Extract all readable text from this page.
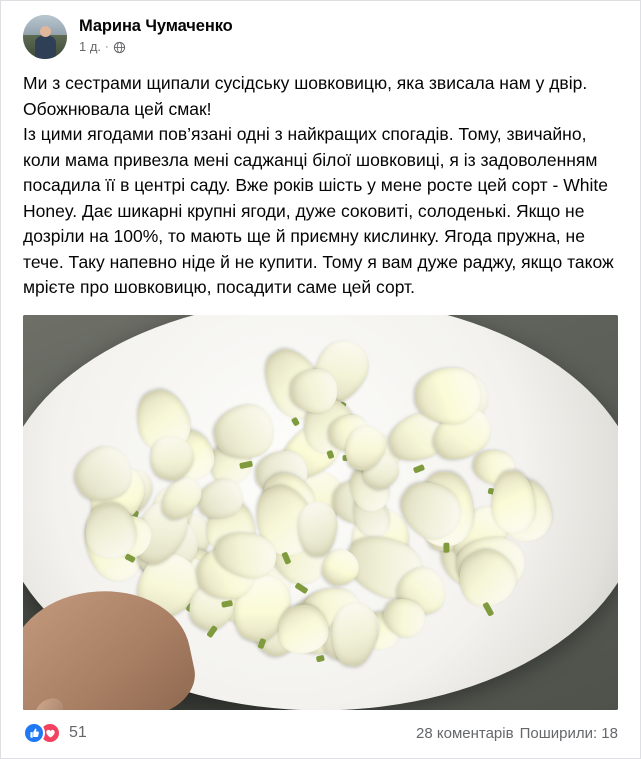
Марина Чумаченко
1 д. ·

Ми з сестрами щипали сусідську шовковицю, яка звисала нам у двір. Обожнювала цей смак!

Із цими ягодами пов’язані одні з найкращих спогадів. Тому, звичайно, коли мама привезла мені саджанці білої шовковиці, я із задоволенням посадила її в центрі саду. Вже років шість у мене росте цей сорт - White Honey. Дає шикарні крупні ягоди, дуже соковиті, солоденькі. Якщо не дозріли на 100%, то мають ще й приємну кислинку. Ягода пружна, не тече. Таку напевно ніде й не купити. Тому я вам дуже раджу, якщо також мрієте про шовковицю, посадити саме цей сорт.

51	28 коментарів Поширили: 18
